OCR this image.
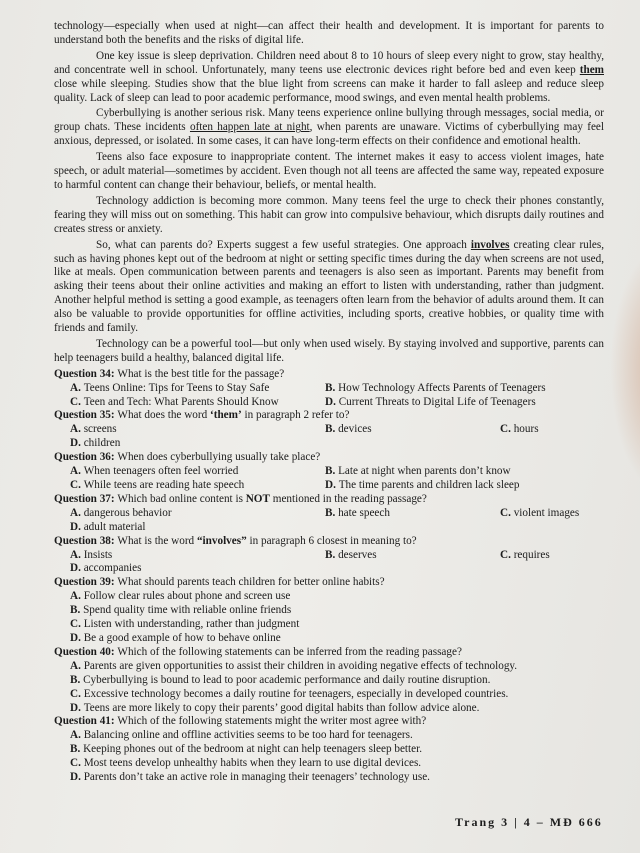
technology—especially when used at night—can affect their health and development. It is important for parents to understand both the benefits and the risks of digital life.

One key issue is sleep deprivation. Children need about 8 to 10 hours of sleep every night to grow, stay healthy, and concentrate well in school. Unfortunately, many teens use electronic devices right before bed and even keep them close while sleeping. Studies show that the blue light from screens can make it harder to fall asleep and reduce sleep quality. Lack of sleep can lead to poor academic performance, mood swings, and even mental health problems.

Cyberbullying is another serious risk. Many teens experience online bullying through messages, social media, or group chats. These incidents often happen late at night, when parents are unaware. Victims of cyberbullying may feel anxious, depressed, or isolated. In some cases, it can have long-term effects on their confidence and emotional health.

Teens also face exposure to inappropriate content. The internet makes it easy to access violent images, hate speech, or adult material—sometimes by accident. Even though not all teens are affected the same way, repeated exposure to harmful content can change their behaviour, beliefs, or mental health.

Technology addiction is becoming more common. Many teens feel the urge to check their phones constantly, fearing they will miss out on something. This habit can grow into compulsive behaviour, which disrupts daily routines and creates stress or anxiety.

So, what can parents do? Experts suggest a few useful strategies. One approach involves creating clear rules, such as having phones kept out of the bedroom at night or setting specific times during the day when screens are not used, like at meals. Open communication between parents and teenagers is also seen as important. Parents may benefit from asking their teens about their online activities and making an effort to listen with understanding, rather than judgment. Another helpful method is setting a good example, as teenagers often learn from the behavior of adults around them. It can also be valuable to provide opportunities for offline activities, including sports, creative hobbies, or quality time with friends and family.

Technology can be a powerful tool—but only when used wisely. By staying involved and supportive, parents can help teenagers build a healthy, balanced digital life.

Question 34: What is the best title for the passage?

A. Teens Online: Tips for Teens to Stay Safe	B. How Technology Affects Parents of Teenagers
C. Teen and Tech: What Parents Should Know	D. Current Threats to Digital Life of Teenagers

Question 35: What does the word ‘them’ in paragraph 2 refer to?

A. screens	B. devices	C. hours
D. children

Question 36: When does cyberbullying usually take place?

A. When teenagers often feel worried	B. Late at night when parents don’t know
C. While teens are reading hate speech	D. The time parents and children lack sleep

Question 37: Which bad online content is NOT mentioned in the reading passage?

A. dangerous behavior	B. hate speech	C. violent images
D. adult material

Question 38: What is the word “involves” in paragraph 6 closest in meaning to?

A. Insists	B. deserves	C. requires
D. accompanies

Question 39: What should parents teach children for better online habits?

A. Follow clear rules about phone and screen use
B. Spend quality time with reliable online friends
C. Listen with understanding, rather than judgment
D. Be a good example of how to behave online

Question 40: Which of the following statements can be inferred from the reading passage?

A. Parents are given opportunities to assist their children in avoiding negative effects of technology.
B. Cyberbullying is bound to lead to poor academic performance and daily routine disruption.
C. Excessive technology becomes a daily routine for teenagers, especially in developed countries.
D. Teens are more likely to copy their parents’ good digital habits than follow advice alone.

Question 41: Which of the following statements might the writer most agree with?

A. Balancing online and offline activities seems to be too hard for teenagers.
B. Keeping phones out of the bedroom at night can help teenagers sleep better.
C. Most teens develop unhealthy habits when they learn to use digital devices.
D. Parents don’t take an active role in managing their teenagers’ technology use.
Trang 3 | 4 – MĐ 666
